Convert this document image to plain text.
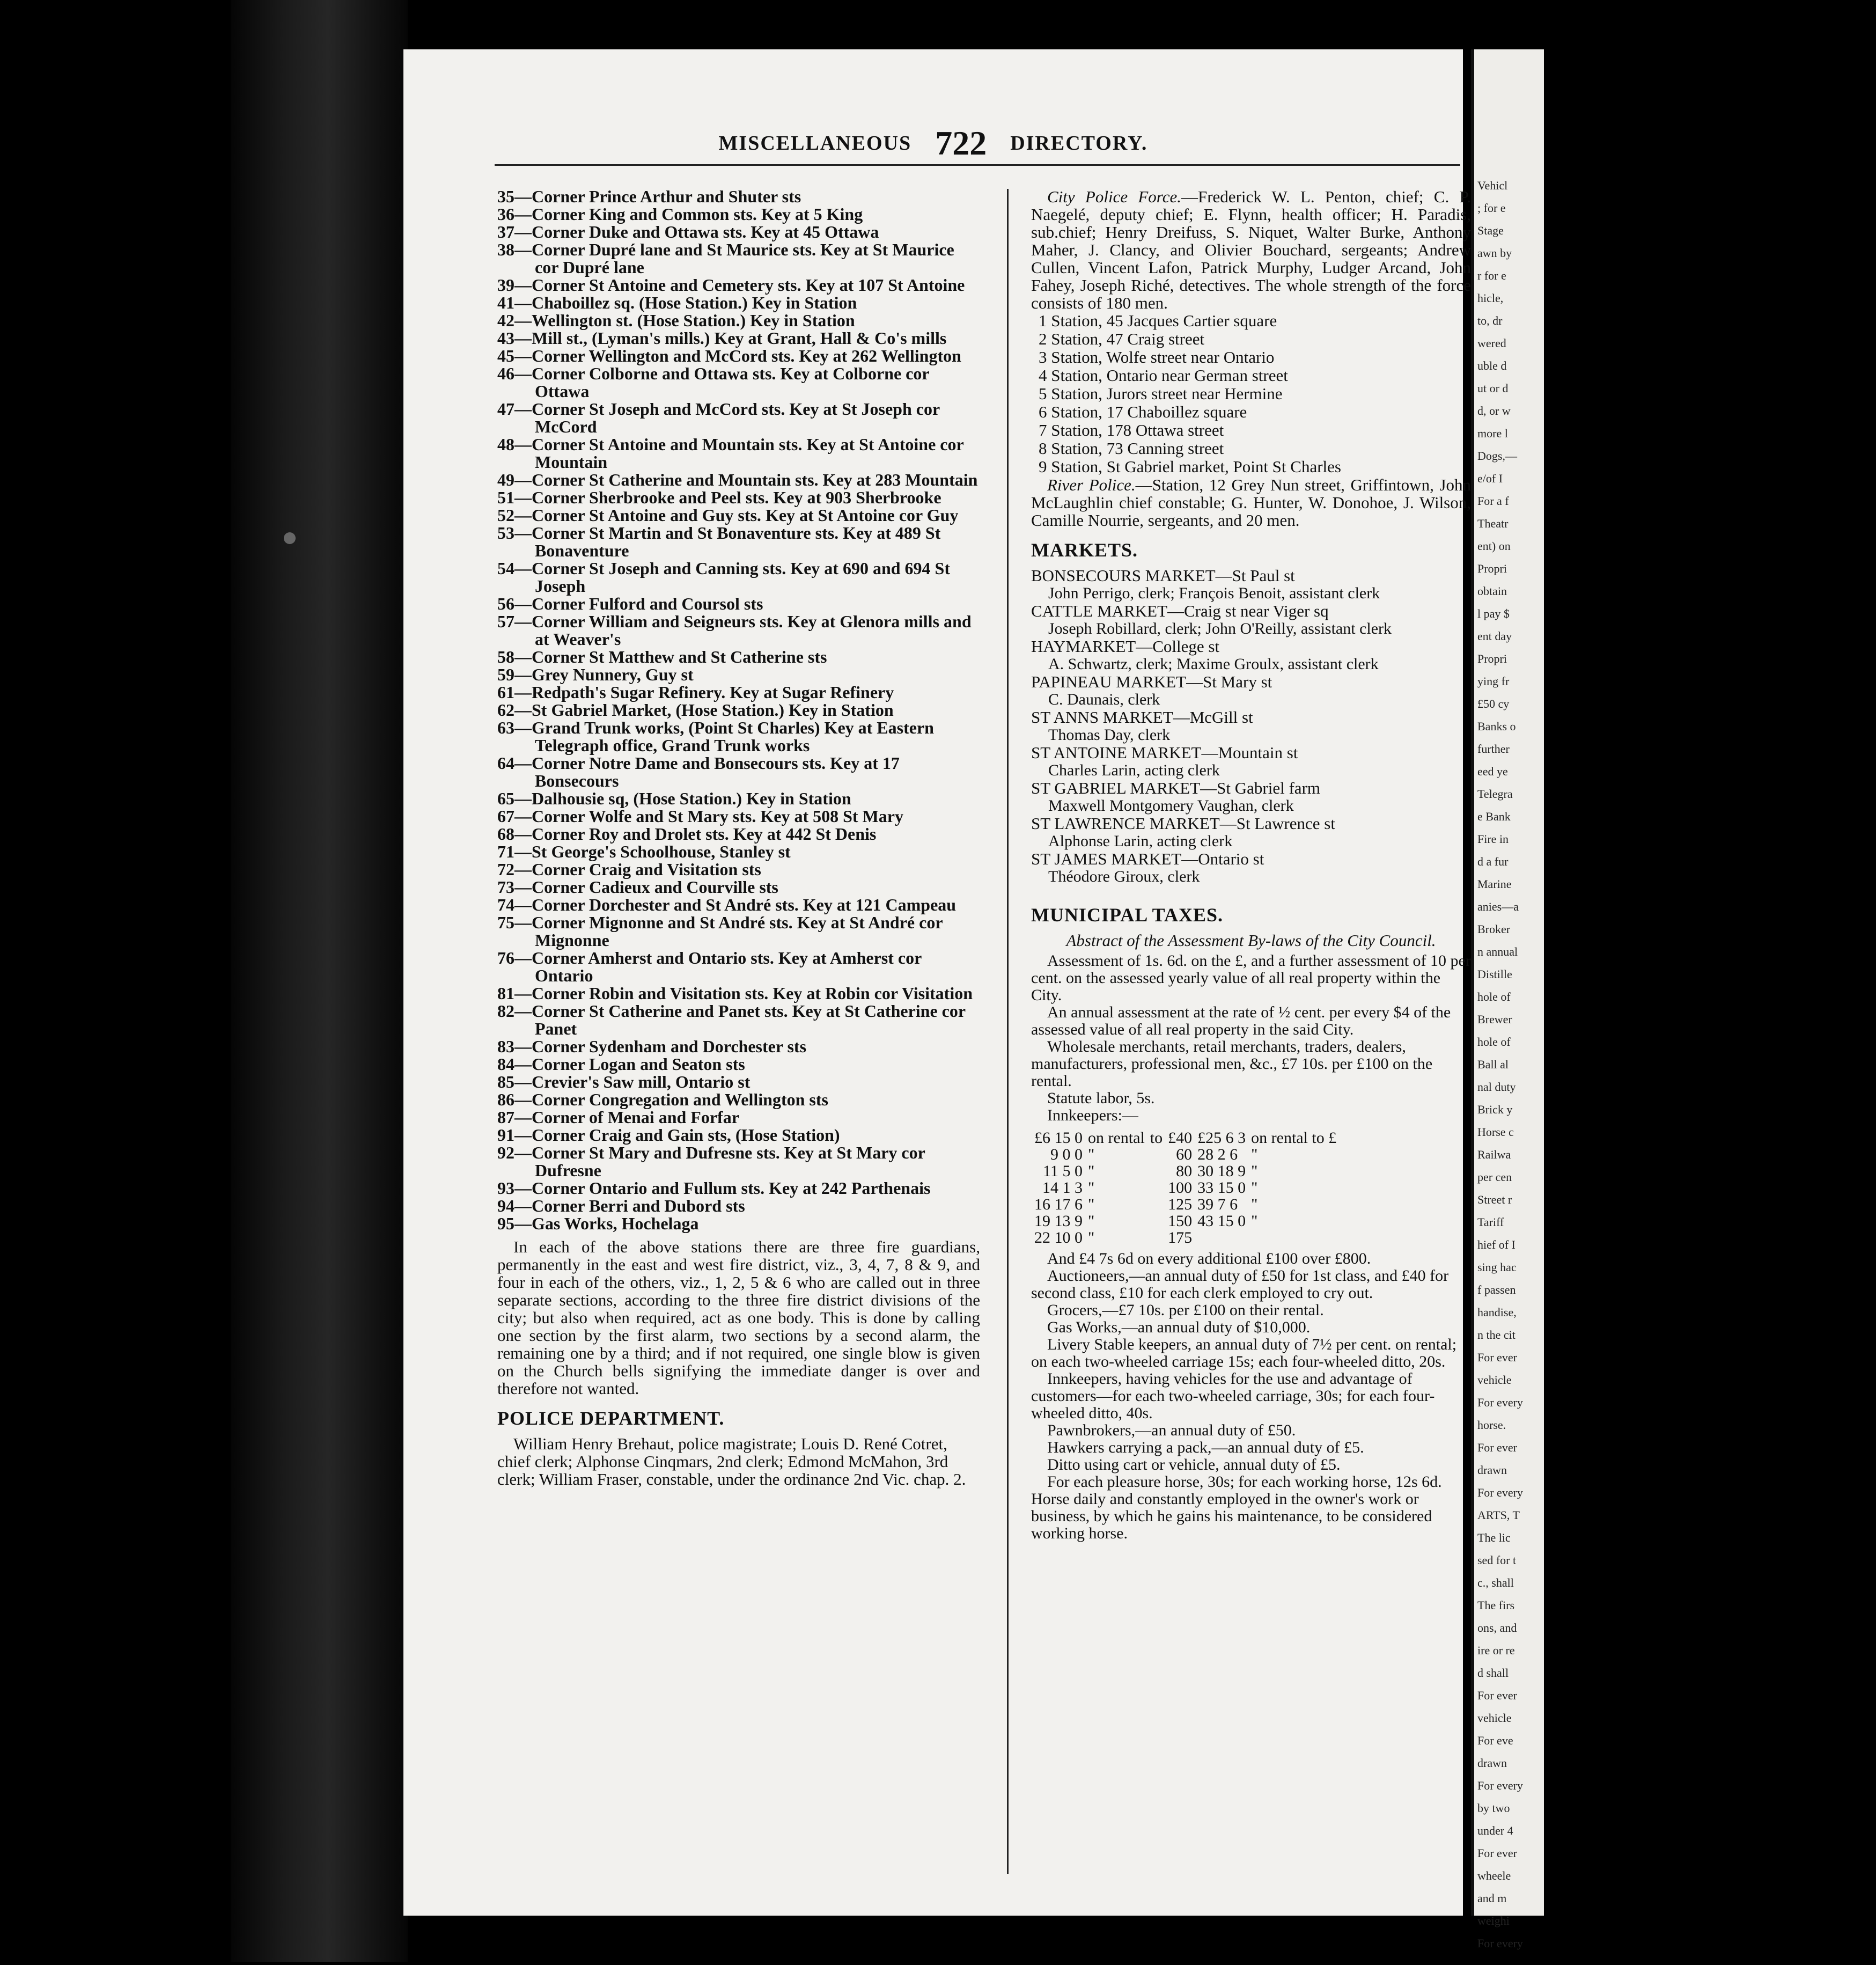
MISCELLANEOUS 722 DIRECTORY.
35—Corner Prince Arthur and Shuter sts
36—Corner King and Common sts. Key at 5 King
37—Corner Duke and Ottawa sts. Key at 45 Ottawa
38—Corner Dupré lane and St Maurice sts. Key at St Maurice cor Dupré lane
39—Corner St Antoine and Cemetery sts. Key at 107 St Antoine
41—Chaboillez sq. (Hose Station.) Key in Station
42—Wellington st. (Hose Station.) Key in Station
43—Mill st., (Lyman's mills.) Key at Grant, Hall & Co's mills
45—Corner Wellington and McCord sts. Key at 262 Wellington
46—Corner Colborne and Ottawa sts. Key at Colborne cor Ottawa
47—Corner St Joseph and McCord sts. Key at St Joseph cor McCord
48—Corner St Antoine and Mountain sts. Key at St Antoine cor Mountain
49—Corner St Catherine and Mountain sts. Key at 283 Mountain
51—Corner Sherbrooke and Peel sts. Key at 903 Sherbrooke
52—Corner St Antoine and Guy sts. Key at St Antoine cor Guy
53—Corner St Martin and St Bonaventure sts. Key at 489 St Bonaventure
54—Corner St Joseph and Canning sts. Key at 690 and 694 St Joseph
56—Corner Fulford and Coursol sts
57—Corner William and Seigneurs sts. Key at Glenora mills and at Weaver's
58—Corner St Matthew and St Catherine sts
59—Grey Nunnery, Guy st
61—Redpath's Sugar Refinery. Key at Sugar Refinery
62—St Gabriel Market, (Hose Station.) Key in Station
63—Grand Trunk works, (Point St Charles) Key at Eastern Telegraph office, Grand Trunk works
64—Corner Notre Dame and Bonsecours sts. Key at 17 Bonsecours
65—Dalhousie sq, (Hose Station.) Key in Station
67—Corner Wolfe and St Mary sts. Key at 508 St Mary
68—Corner Roy and Drolet sts. Key at 442 St Denis
71—St George's Schoolhouse, Stanley st
72—Corner Craig and Visitation sts
73—Corner Cadieux and Courville sts
74—Corner Dorchester and St André sts. Key at 121 Campeau
75—Corner Mignonne and St André sts. Key at St André cor Mignonne
76—Corner Amherst and Ontario sts. Key at Amherst cor Ontario
81—Corner Robin and Visitation sts. Key at Robin cor Visitation
82—Corner St Catherine and Panet sts. Key at St Catherine cor Panet
83—Corner Sydenham and Dorchester sts
84—Corner Logan and Seaton sts
85—Crevier's Saw mill, Ontario st
86—Corner Congregation and Wellington sts
87—Corner of Menai and Forfar
91—Corner Craig and Gain sts, (Hose Station)
92—Corner St Mary and Dufresne sts. Key at St Mary cor Dufresne
93—Corner Ontario and Fullum sts. Key at 242 Parthenais
94—Corner Berri and Dubord sts
95—Gas Works, Hochelaga

In each of the above stations there are three fire guardians, permanently in the east and west fire district, viz., 3, 4, 7, 8 & 9, and four in each of the others, viz., 1, 2, 5 & 6 who are called out in three separate sections, according to the three fire district divisions of the city; but also when required, act as one body. This is done by calling one section by the first alarm, two sections by a second alarm, the remaining one by a third; and if not required, one single blow is given on the Church bells signifying the immediate danger is over and therefore not wanted.

POLICE DEPARTMENT.

William Henry Brehaut, police magistrate; Louis D. René Cotret, chief clerk; Alphonse Cinqmars, 2nd clerk; Edmond McMahon, 3rd clerk; William Fraser, constable, under the ordinance 2nd Vic. chap. 2.

City Police Force.—Frederick W. L. Penton, chief; C. P. Naegelé, deputy chief; E. Flynn, health officer; H. Paradis, sub.chief; Henry Dreifuss, S. Niquet, Walter Burke, Anthony Maher, J. Clancy, and Olivier Bouchard, sergeants; Andrew Cullen, Vincent Lafon, Patrick Murphy, Ludger Arcand, John Fahey, Joseph Riché, detectives. The whole strength of the force consists of 180 men.

1 Station, 45 Jacques Cartier square
2 Station, 47 Craig street
3 Station, Wolfe street near Ontario
4 Station, Ontario near German street
5 Station, Jurors street near Hermine
6 Station, 17 Chaboillez square
7 Station, 178 Ottawa street
8 Station, 73 Canning street
9 Station, St Gabriel market, Point St Charles

River Police.—Station, 12 Grey Nun street, Griffintown, John McLaughlin chief constable; G. Hunter, W. Donohoe, J. Wilson, Camille Nourrie, sergeants, and 20 men.

MARKETS.
BONSECOURS MARKET—St Paul st
John Perrigo, clerk; François Benoit, assistant clerk
CATTLE MARKET—Craig st near Viger sq
Joseph Robillard, clerk; John O'Reilly, assistant clerk
HAYMARKET—College st
A. Schwartz, clerk; Maxime Groulx, assistant clerk
PAPINEAU MARKET—St Mary st
C. Daunais, clerk
ST ANNS MARKET—McGill st
Thomas Day, clerk
ST ANTOINE MARKET—Mountain st
Charles Larin, acting clerk
ST GABRIEL MARKET—St Gabriel farm
Maxwell Montgomery Vaughan, clerk
ST LAWRENCE MARKET—St Lawrence st
Alphonse Larin, acting clerk
ST JAMES MARKET—Ontario st
Théodore Giroux, clerk
MUNICIPAL TAXES.
Abstract of the Assessment By-laws of the City Council.

Assessment of 1s. 6d. on the £, and a further assessment of 10 per cent. on the assessed yearly value of all real property within the City.

An annual assessment at the rate of ½ cent. per every $4 of the assessed value of all real property in the said City.

Wholesale merchants, retail merchants, traders, dealers, manufacturers, professional men, &c., £7 10s. per £100 on the rental.

Statute labor, 5s.

Innkeepers:—

£6 15 0	on rental	to	£40	£25 6 3	on rental to £
9 0 0	"		60	28 2 6	"
11 5 0	"		80	30 18 9	"
14 1 3	"		100	33 15 0	"
16 17 6	"		125	39 7 6	"
19 13 9	"		150	43 15 0	"
22 10 0	"		175		

And £4 7s 6d on every additional £100 over £800.

Auctioneers,—an annual duty of £50 for 1st class, and £40 for second class, £10 for each clerk employed to cry out.

Grocers,—£7 10s. per £100 on their rental.

Gas Works,—an annual duty of $10,000.

Livery Stable keepers, an annual duty of 7½ per cent. on rental; on each two-wheeled carriage 15s; each four-wheeled ditto, 20s.

Innkeepers, having vehicles for the use and advantage of customers—for each two-wheeled carriage, 30s; for each four-wheeled ditto, 40s.

Pawnbrokers,—an annual duty of £50.

Hawkers carrying a pack,—an annual duty of £5.

Ditto using cart or vehicle, annual duty of £5.

For each pleasure horse, 30s; for each working horse, 12s 6d. Horse daily and constantly employed in the owner's work or business, by which he gains his maintenance, to be considered working horse.

Vehicl
; for e
Stage
awn by
r for e
hicle,
to, dr
wered
uble d
ut or d
d, or w
more l
Dogs,—
e/of I
For a f
Theatr
ent) on
Propri
obtain
l pay $
ent day
Propri
ying fr
£50 cy
Banks o
further
eed ye
Telegra
e Bank
Fire in
d a fur
Marine
anies—a
Broker
n annual
Distille
hole of
Brewer
hole of
Ball al
nal duty
Brick y
Horse c
Railwa
per cen
Street r
Tariff
hief of I
sing hac
f passen
handise,
n the cit
For ever
vehicle
For every
horse.
For ever
drawn
For every
ARTS, T
The lic
sed for t
c., shall
The firs
ons, and
ire or re
d shall
For ever
vehicle
For eve
drawn
For every
by two
under 4
For ever
wheele
and m
weighi
For every
